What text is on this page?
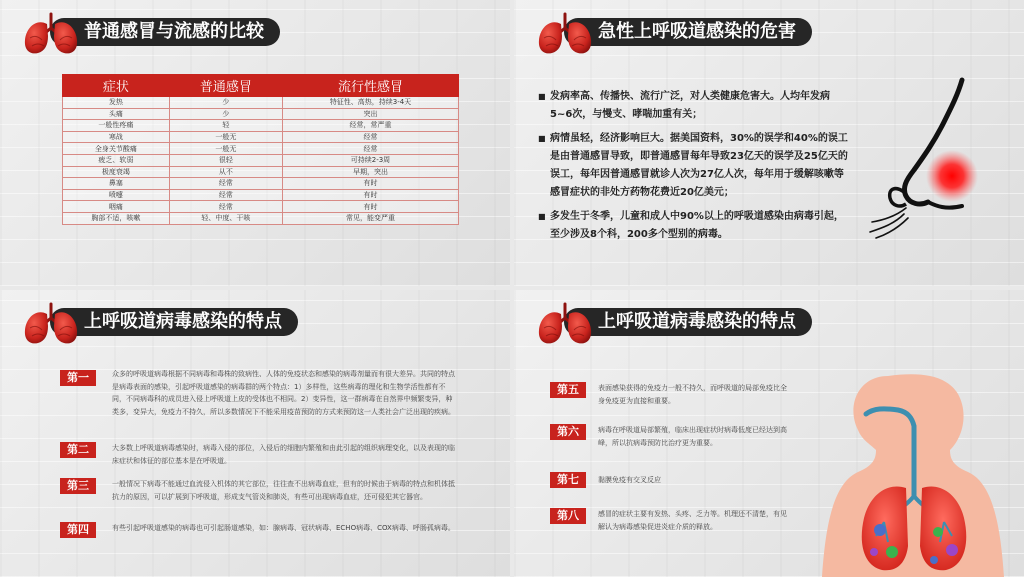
普通感冒与流感的比较
症状	普通感冒	流行性感冒
发热	少	特征性、高热，持续3-4天
头痛	少	突出
一般性疼痛	轻	经常，常严重
寒战	一般无	经常
全身关节酸痛	一般无	经常
疲乏、软弱	很轻	可持续2-3周
极度衰竭	从不	早期，突出
鼻塞	经常	有时
喷嚏	经常	有时
咽痛	经常	有时
胸部不适，咳嗽	轻、中度、干咳	常见，能变严重
急性上呼吸道感染的危害
■ 发病率高、传播快、流行广泛，对人类健康危害大。人均年发病5~6次，与慢支、哮喘加重有关；
■ 病情虽轻，经济影响巨大。据美国资料，30%的误学和40%的误工是由普通感冒导致，即普通感冒每年导致23亿天的误学及25亿天的误工，每年因普通感冒就诊人次为27亿人次，每年用于缓解咳嗽等感冒症状的非处方药物花费近20亿美元；
■ 多发生于冬季，儿童和成人中90%以上的呼吸道感染由病毒引起，至少涉及8个科，200多个型别的病毒。
上呼吸道病毒感染的特点
第一	众多的呼吸道病毒根据不同病毒和毒株的致病性、人体的免疫状态和感染的病毒剂量而有很大差异。共同的特点是病毒表面的感染，引起呼吸道感染的病毒群的两个特点：1）多样性，这些病毒的理化和生物学活性都有不同，不同病毒科的成员进入侵上呼吸道上皮的受体也不相同。2）变异性，这一群病毒在自然界中频繁变异，种类多，变异大，免疫力不持久，所以多数情况下不能采用疫苗预防的方式来预防这一人类社会广泛出现的疾病。
第二	大多数上呼吸道病毒感染时，病毒入侵的部位，入侵后的细胞内繁殖和由此引起的组织病理变化，以及表现的临床症状和体征的部位基本是在呼吸道。
第三	一般情况下病毒不能通过血流侵入机体的其它部位，往往查不出病毒血症，但有的时候由于病毒的特点和机体抵抗力的原因，可以扩展到下呼吸道，形成支气管炎和肺炎，有些可出现病毒血症，还可侵犯其它器官。
第四	有些引起呼吸道感染的病毒也可引起肠道感染，如：腺病毒、冠状病毒、ECHO病毒、COX病毒、呼肠孤病毒。
上呼吸道病毒感染的特点
第五	表面感染获得的免疫力一般不持久，而呼吸道的局部免疫比全身免疫更为直接和重要。
第六	病毒在呼吸道局部繁殖，临床出现症状时病毒低度已经达到高峰，所以抗病毒预防比治疗更为重要。
第七	黏膜免疫有交叉反应
第八	感冒的症状主要有发热、头疼、乏力等。机理还不清楚，有见解认为病毒感染促进炎症介质的释放。
